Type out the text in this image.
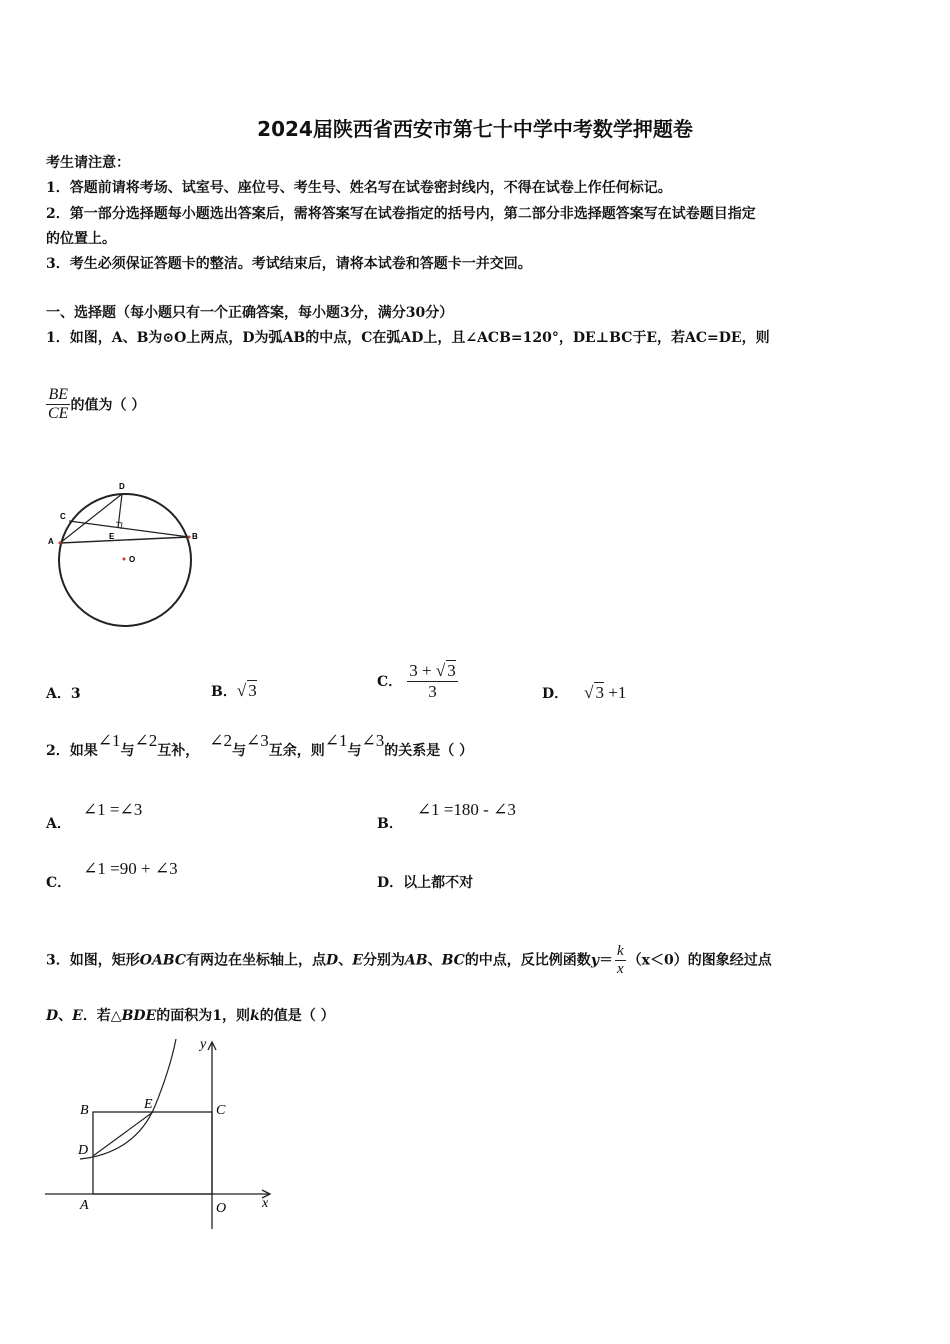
2024届陕西省西安市第七十中学中考数学押题卷
考生请注意：
1．答题前请将考场、试室号、座位号、考生号、姓名写在试卷密封线内，不得在试卷上作任何标记。
2．第一部分选择题每小题选出答案后，需将答案写在试卷指定的括号内，第二部分非选择题答案写在试卷题目指定
的位置上。
3．考生必须保证答题卡的整洁。考试结束后，请将本试卷和答题卡一并交回。
一、选择题（每小题只有一个正确答案，每小题3分，满分30分）
1．如图，A、B为⊙O上两点，D为弧AB的中点，C在弧AD上，且∠ACB=120°，DE⊥BC于E，若AC=DE，则
$\frac{BE}{CE}$ 的值为（ ）
D
C
A
B
E
O
A．3	B．√ 3	C． $\frac{3 + √ 3}{3}$	D． √ 3 +1
2．如果∠1与∠2互补，∠2与∠3互余，则∠1与∠3的关系是（ ）
A．∠1 =∠3
B．∠1 =180 - ∠3
C．∠1 =90 + ∠3
D．以上都不对
3．如图，矩形OABC有两边在坐标轴上，点D、E分别为AB、BC的中点，反比例函数$y= \frac{k}{x} (x<0)$的图象经过点
D、E．若△BDE的面积为1，则k的值是（ ）
y
x
B	E	C
D
A	O
